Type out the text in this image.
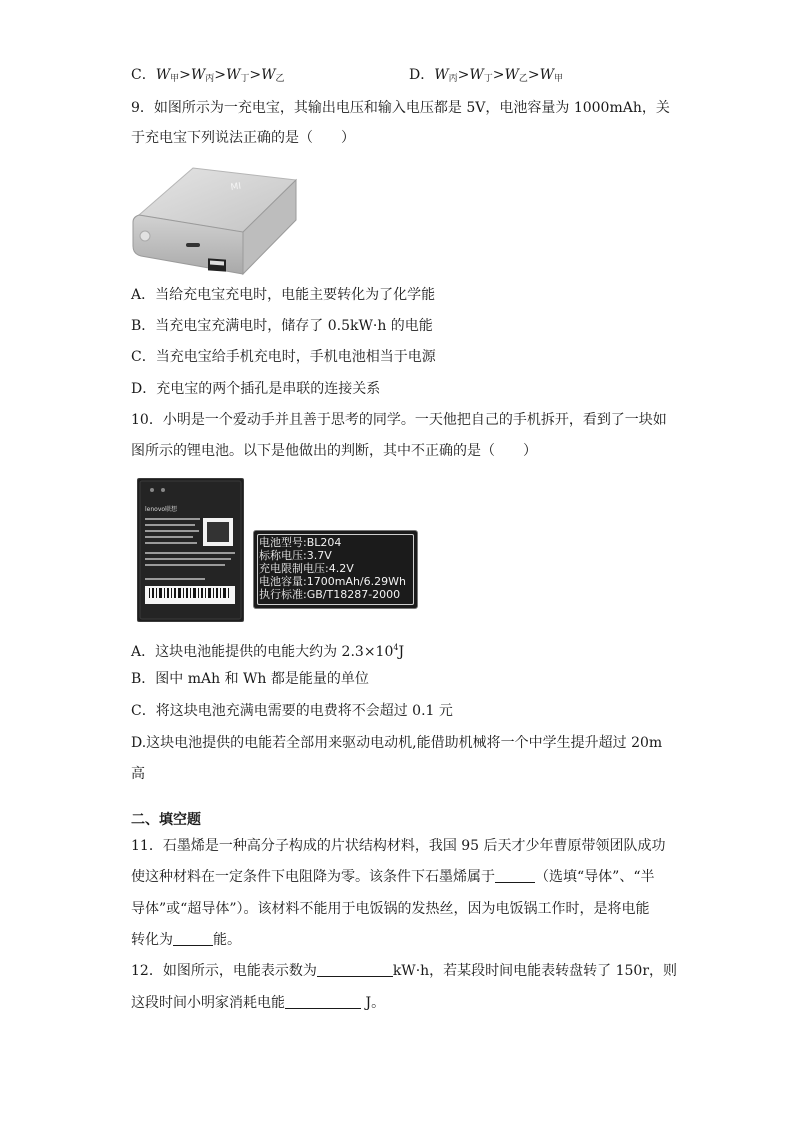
C．$W_甲>W_丙>W_丁>W_乙$	D．$W_丙>W_丁>W_乙>W_甲$
9．如图所示为一充电宝，其输出电压和输入电压都是 5V，电池容量为 1000mAh，关
于充电宝下列说法正确的是（　　）
MI
A．当给充电宝充电时，电能主要转化为了化学能
B．当充电宝充满电时，储存了 0.5kW·h 的电能
C．当充电宝给手机充电时，手机电池相当于电源
D．充电宝的两个插孔是串联的连接关系
10．小明是一个爱动手并且善于思考的同学。一天他把自己的手机拆开，看到了一块如
图所示的锂电池。以下是他做出的判断，其中不正确的是（　　）
lenovo联想
电池型号:BL204
标称电压:3.7V
充电限制电压:4.2V
电池容量:1700mAh/6.29Wh
执行标准:GB/T18287-2000
A．这块电池能提供的电能大约为 $2.3\times 10^4J$
B．图中 mAh 和 Wh 都是能量的单位
C．将这块电池充满电需要的电费将不会超过 0.1 元
D.这块电池提供的电能若全部用来驱动电动机,能借助机械将一个中学生提升超过 20m
高
二、填空题
11．石墨烯是一种高分子构成的片状结构材料，我国 95 后天才少年曹原带领团队成功
使这种材料在一定条件下电阻降为零。该条件下石墨烯属于	（选填“导体”、“半
导体”或“超导体”）。该材料不能用于电饭锅的发热丝，因为电饭锅工作时，是将电能
转化为	能。
12．如图所示，电能表示数为	kW·h，若某段时间电能表转盘转了 150r，则
这段时间小明家消耗电能	J。
